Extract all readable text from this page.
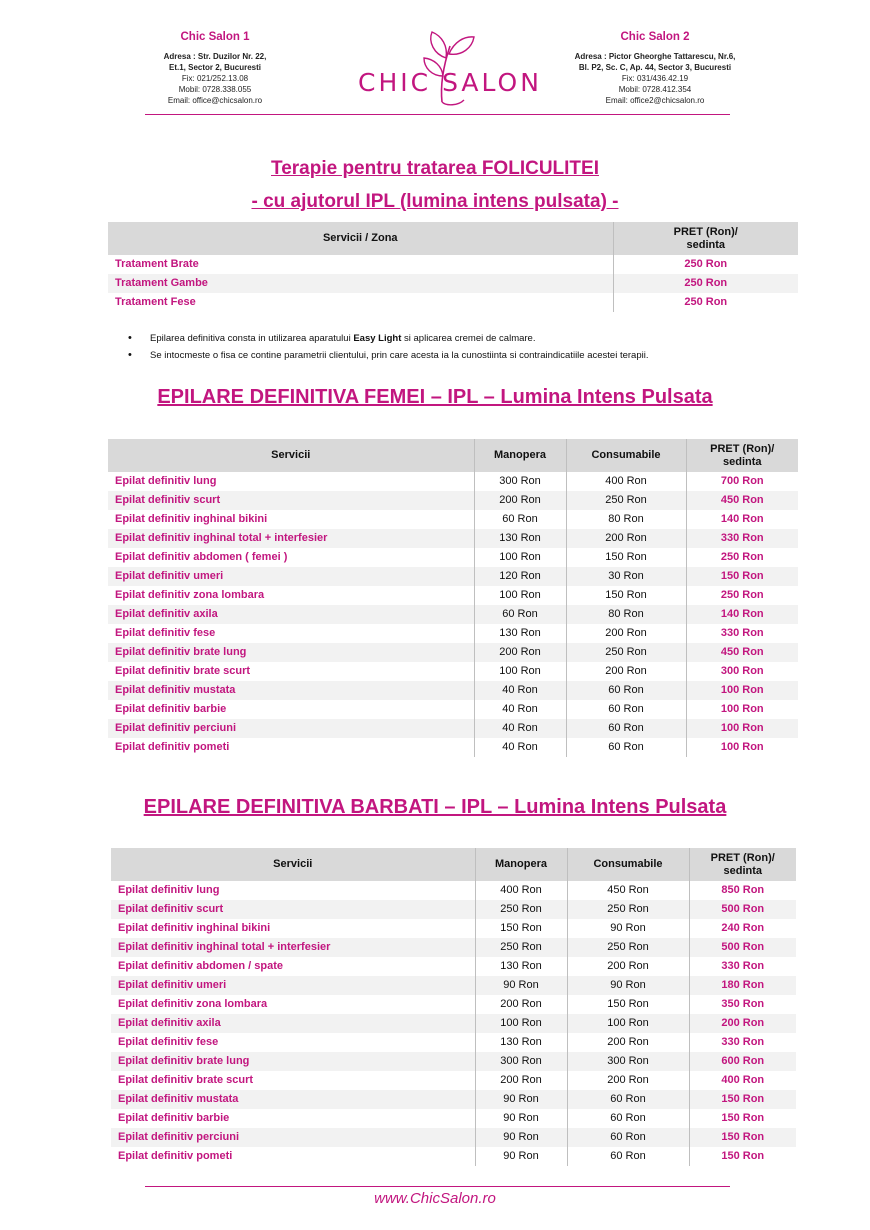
Chic Salon 1
Adresa : Str. Duzilor Nr. 22,
Et.1, Sector 2, Bucuresti
Fix: 021/252.13.08
Mobil: 0728.338.055
Email: office@chicsalon.ro
CHIC SALON
Chic Salon 2
Adresa : Pictor Gheorghe Tattarescu, Nr.6,
Bl. P2, Sc. C, Ap. 44, Sector 3, Bucuresti
Fix: 031/436.42.19
Mobil: 0728.412.354
Email: office2@chicsalon.ro
Terapie pentru tratarea FOLICULITEI
- cu ajutorul IPL (lumina intens pulsata) -
Servicii / Zona	PRET (Ron)/
sedinta
Tratament Brate	250 Ron
Tratament Gambe	250 Ron
Tratament Fese	250 Ron
• Epilarea definitiva consta in utilizarea aparatului Easy Light si aplicarea cremei de calmare.
• Se intocmeste o fisa ce contine parametrii clientului, prin care acesta ia la cunostiinta si contraindicatiile acestei terapii.
EPILARE DEFINITIVA FEMEI – IPL – Lumina Intens Pulsata
Servicii	Manopera	Consumabile	PRET (Ron)/
sedinta
Epilat definitiv lung	300 Ron	400 Ron	700 Ron
Epilat definitiv scurt	200 Ron	250 Ron	450 Ron
Epilat definitiv inghinal bikini	60 Ron	80 Ron	140 Ron
Epilat definitiv inghinal total + interfesier	130 Ron	200 Ron	330 Ron
Epilat definitiv abdomen ( femei )	100 Ron	150 Ron	250 Ron
Epilat definitiv umeri	120 Ron	30 Ron	150 Ron
Epilat definitiv zona lombara	100 Ron	150 Ron	250 Ron
Epilat definitiv axila	60 Ron	80 Ron	140 Ron
Epilat definitiv fese	130 Ron	200 Ron	330 Ron
Epilat definitiv brate lung	200 Ron	250 Ron	450 Ron
Epilat definitiv brate scurt	100 Ron	200 Ron	300 Ron
Epilat definitiv mustata	40 Ron	60 Ron	100 Ron
Epilat definitiv barbie	40 Ron	60 Ron	100 Ron
Epilat definitiv perciuni	40 Ron	60 Ron	100 Ron
Epilat definitiv pometi	40 Ron	60 Ron	100 Ron
EPILARE DEFINITIVA BARBATI – IPL – Lumina Intens Pulsata
Servicii	Manopera	Consumabile	PRET (Ron)/
sedinta
Epilat definitiv lung	400 Ron	450 Ron	850 Ron
Epilat definitiv scurt	250 Ron	250 Ron	500 Ron
Epilat definitiv inghinal bikini	150 Ron	90 Ron	240 Ron
Epilat definitiv inghinal total + interfesier	250 Ron	250 Ron	500 Ron
Epilat definitiv abdomen / spate	130 Ron	200 Ron	330 Ron
Epilat definitiv umeri	90 Ron	90 Ron	180 Ron
Epilat definitiv zona lombara	200 Ron	150 Ron	350 Ron
Epilat definitiv axila	100 Ron	100 Ron	200 Ron
Epilat definitiv fese	130 Ron	200 Ron	330 Ron
Epilat definitiv brate lung	300 Ron	300 Ron	600 Ron
Epilat definitiv brate scurt	200 Ron	200 Ron	400 Ron
Epilat definitiv mustata	90 Ron	60 Ron	150 Ron
Epilat definitiv barbie	90 Ron	60 Ron	150 Ron
Epilat definitiv perciuni	90 Ron	60 Ron	150 Ron
Epilat definitiv pometi	90 Ron	60 Ron	150 Ron
www.ChicSalon.ro
